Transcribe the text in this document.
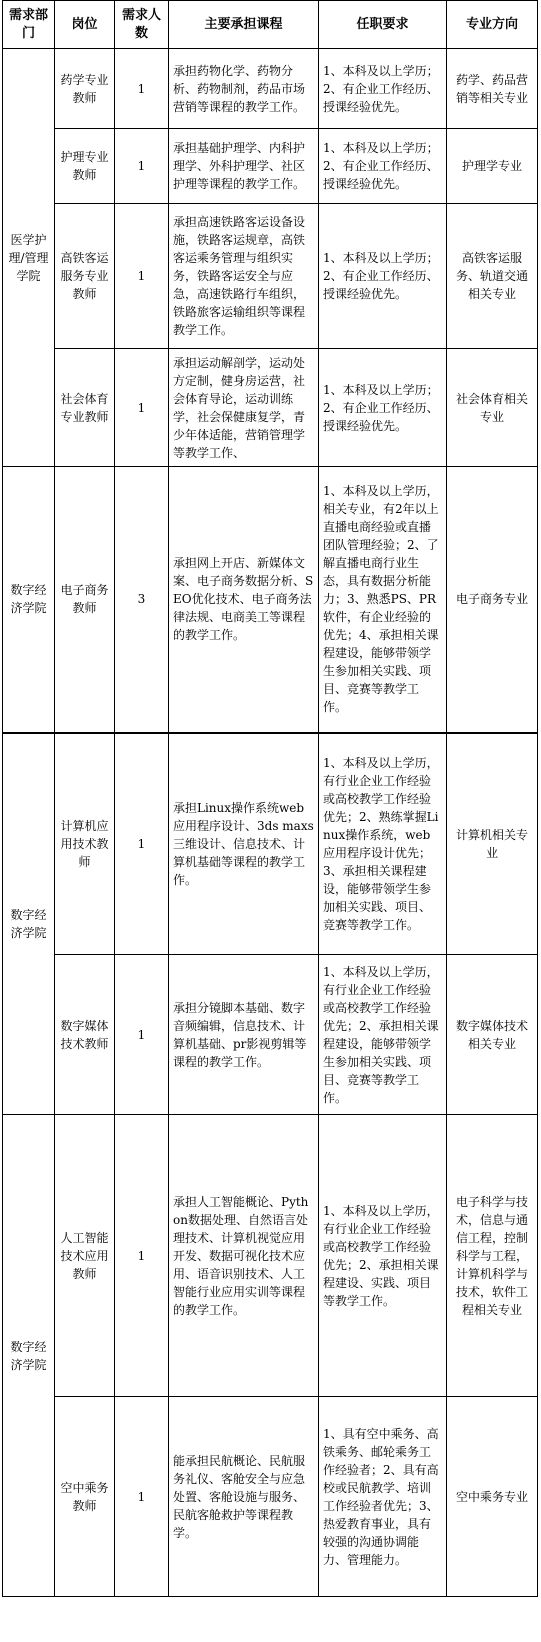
需求部门	岗位	需求人数	主要承担课程	任职要求	专业方向
医学护理/管理学院	药学专业教师	1	承担药物化学、药物分析、药物制剂，药品市场营销等课程的教学工作。	1、本科及以上学历；2、有企业工作经历、授课经验优先。	药学、药品营销等相关专业
	护理专业教师	1	承担基础护理学、内科护理学、外科护理学、社区护理等课程的教学工作。	1、本科及以上学历；2、有企业工作经历、授课经验优先。	护理学专业
	高铁客运服务专业教师	1	承担高速铁路客运设备设施，铁路客运规章，高铁客运乘务管理与组织实务，铁路客运安全与应急，高速铁路行车组织，铁路旅客运输组织等课程教学工作。	1、本科及以上学历；2、有企业工作经历、授课经验优先。	高铁客运服务、轨道交通相关专业
	社会体育专业教师	1	承担运动解剖学，运动处方定制，健身房运营，社会体育导论，运动训练学，社会保健康复学，青少年体适能，营销管理学等教学工作、	1、本科及以上学历；2、有企业工作经历、授课经验优先。	社会体育相关专业
数字经济学院	电子商务教师	3	承担网上开店、新媒体文案、电子商务数据分析、SEO优化技术、电子商务法律法规、电商美工等课程的教学工作。	1、本科及以上学历，相关专业，有2年以上直播电商经验或直播团队管理经验；2、了解直播电商行业生态，具有数据分析能力；3、熟悉PS、PR软件，有企业经验的优先；4、承担相关课程建设，能够带领学生参加相关实践、项目、竞赛等教学工作。	电子商务专业
数字经济学院	计算机应用技术教师	1	承担Linux操作系统web应用程序设计、3ds maxs三维设计、信息技术、计算机基础等课程的教学工作。	1、本科及以上学历，有行业企业工作经验或高校教学工作经验优先；2、熟练掌握Linux操作系统，web应用程序设计优先；3、承担相关课程建设，能够带领学生参加相关实践、项目、竞赛等教学工作。	计算机相关专业
	数字媒体技术教师	1	承担分镜脚本基础、数字音频编辑，信息技术、计算机基础、pr影视剪辑等课程的教学工作。	1、本科及以上学历，有行业企业工作经验或高校教学工作经验优先；2、承担相关课程建设，能够带领学生参加相关实践、项目、竞赛等教学工作。	数字媒体技术相关专业
数字经济学院	人工智能技术应用教师	1	承担人工智能概论、Python数据处理、自然语言处理技术、计算机视觉应用开发、数据可视化技术应用、语音识别技术、人工智能行业应用实训等课程的教学工作。	1、本科及以上学历，有行业企业工作经验或高校教学工作经验优先；2、承担相关课程建设、实践、项目等教学工作。	电子科学与技术，信息与通信工程，控制科学与工程，计算机科学与技术，软件工程相关专业
	空中乘务教师	1	能承担民航概论、民航服务礼仪、客舱安全与应急处置、客舱设施与服务、民航客舱救护等课程教学。	1、具有空中乘务、高铁乘务、邮轮乘务工作经验者；2、具有高校或民航教学、培训工作经验者优先；3、热爱教育事业，具有较强的沟通协调能力、管理能力。	空中乘务专业
